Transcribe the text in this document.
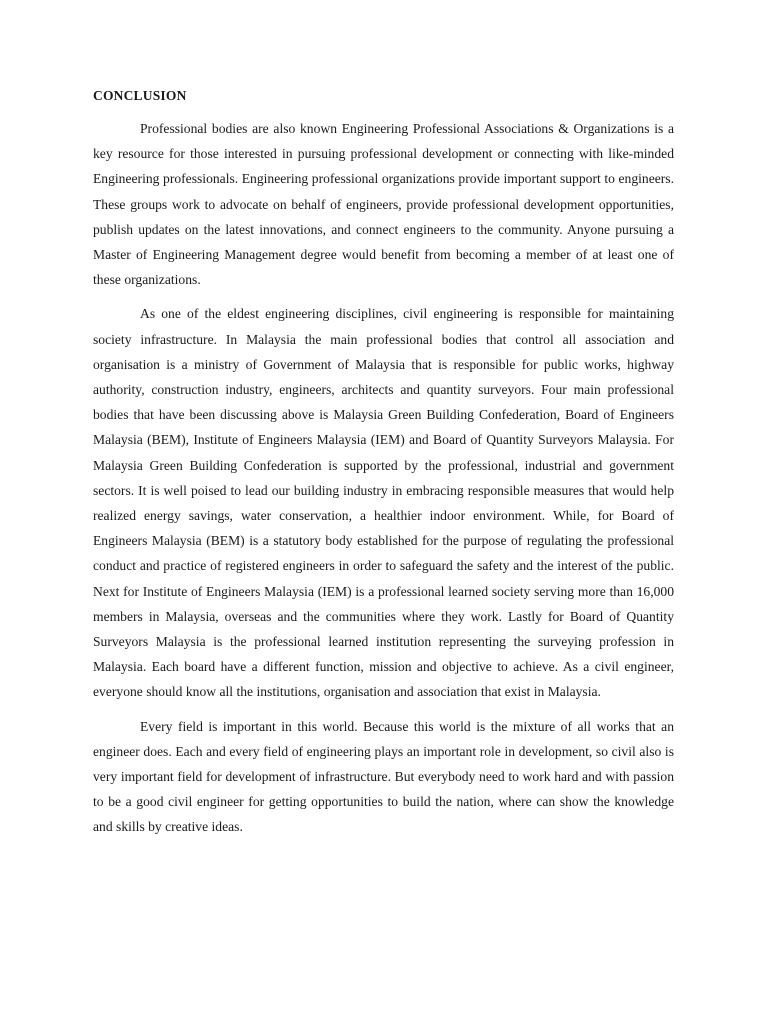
CONCLUSION

Professional bodies are also known Engineering Professional Associations & Organizations is a key resource for those interested in pursuing professional development or connecting with like-minded Engineering professionals. Engineering professional organizations provide important support to engineers. These groups work to advocate on behalf of engineers, provide professional development opportunities, publish updates on the latest innovations, and connect engineers to the community. Anyone pursuing a Master of Engineering Management degree would benefit from becoming a member of at least one of these organizations.

As one of the eldest engineering disciplines, civil engineering is responsible for maintaining society infrastructure. In Malaysia the main professional bodies that control all association and organisation is a ministry of Government of Malaysia that is responsible for public works, highway authority, construction industry, engineers, architects and quantity surveyors. Four main professional bodies that have been discussing above is Malaysia Green Building Confederation, Board of Engineers Malaysia (BEM), Institute of Engineers Malaysia (IEM) and Board of Quantity Surveyors Malaysia. For Malaysia Green Building Confederation is supported by the professional, industrial and government sectors. It is well poised to lead our building industry in embracing responsible measures that would help realized energy savings, water conservation, a healthier indoor environment. While, for Board of Engineers Malaysia (BEM) is a statutory body established for the purpose of regulating the professional conduct and practice of registered engineers in order to safeguard the safety and the interest of the public. Next for Institute of Engineers Malaysia (IEM) is a professional learned society serving more than 16,000 members in Malaysia, overseas and the communities where they work. Lastly for Board of Quantity Surveyors Malaysia is the professional learned institution representing the surveying profession in Malaysia. Each board have a different function, mission and objective to achieve. As a civil engineer, everyone should know all the institutions, organisation and association that exist in Malaysia.

Every field is important in this world. Because this world is the mixture of all works that an engineer does. Each and every field of engineering plays an important role in development, so civil also is very important field for development of infrastructure. But everybody need to work hard and with passion to be a good civil engineer for getting opportunities to build the nation, where can show the knowledge and skills by creative ideas.
